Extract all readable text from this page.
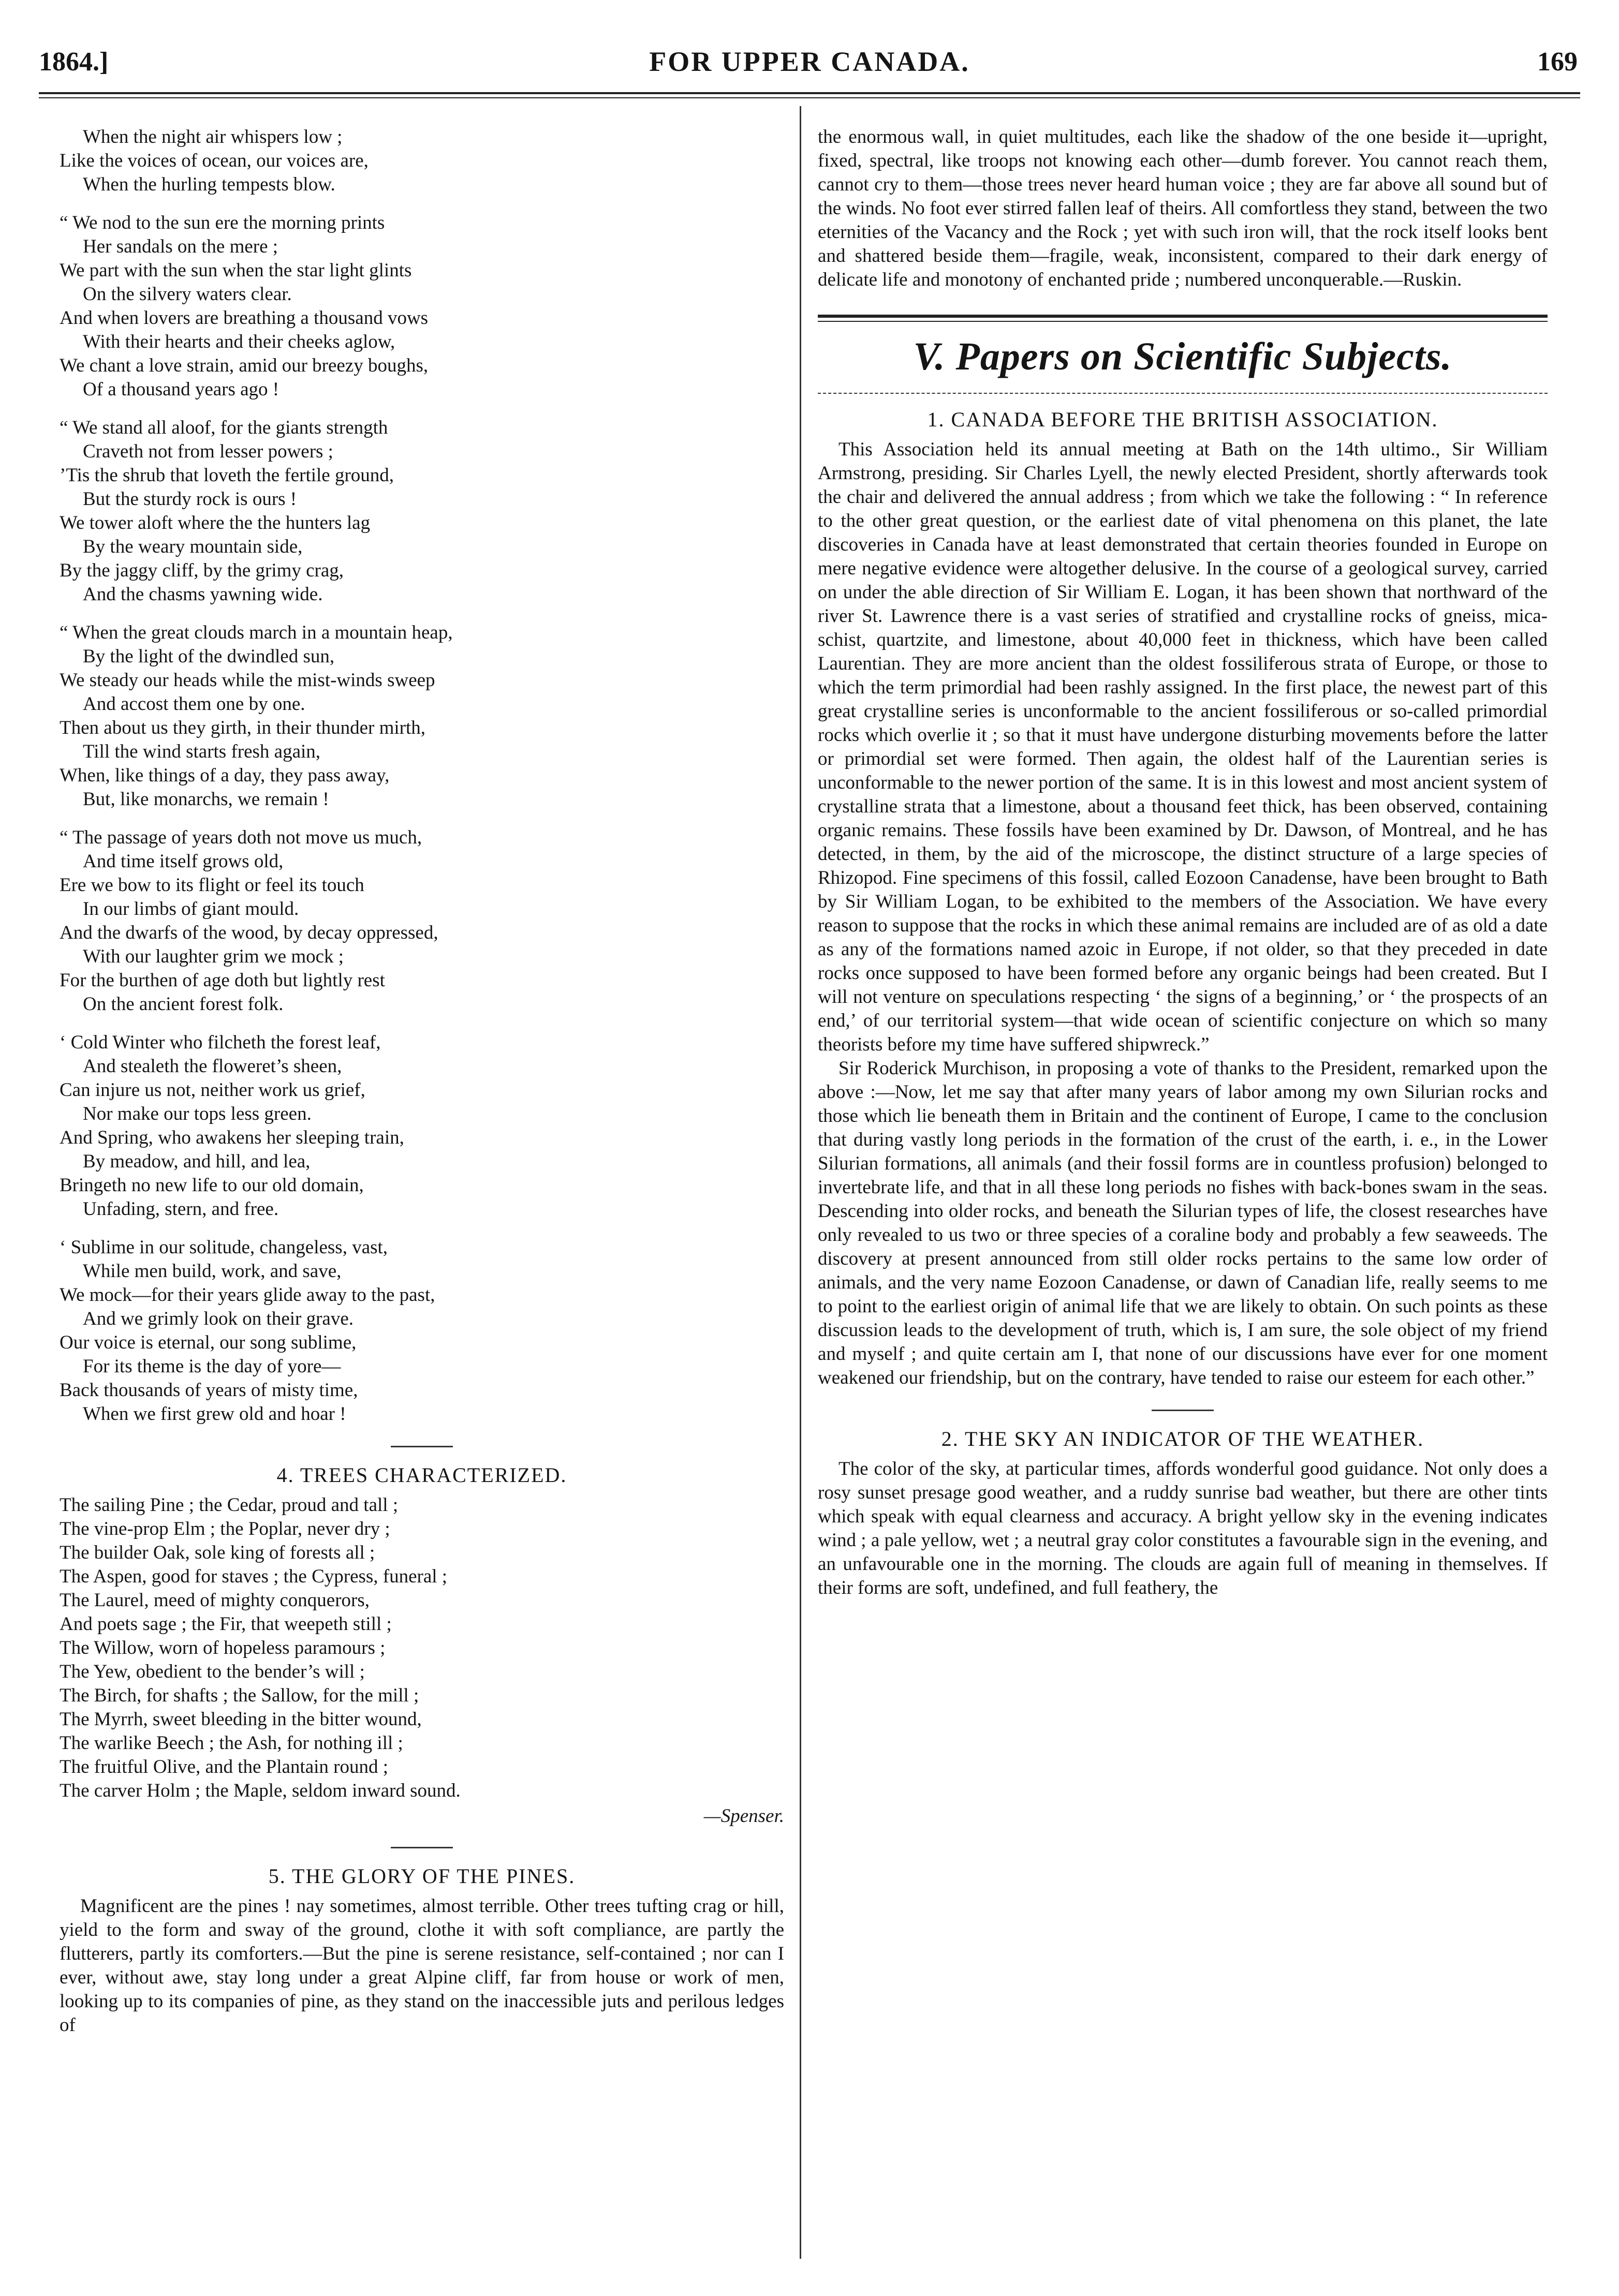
1864.]	FOR UPPER CANADA.	169
When the night air whispers low ;
Like the voices of ocean, our voices are,
When the hurling tempests blow.
“ We nod to the sun ere the morning prints
Her sandals on the mere ;
We part with the sun when the star light glints
On the silvery waters clear.
And when lovers are breathing a thousand vows
With their hearts and their cheeks aglow,
We chant a love strain, amid our breezy boughs,
Of a thousand years ago !
“ We stand all aloof, for the giants strength
Craveth not from lesser powers ;
’Tis the shrub that loveth the fertile ground,
But the sturdy rock is ours !
We tower aloft where the the hunters lag
By the weary mountain side,
By the jaggy cliff, by the grimy crag,
And the chasms yawning wide.
“ When the great clouds march in a mountain heap,
By the light of the dwindled sun,
We steady our heads while the mist-winds sweep
And accost them one by one.
Then about us they girth, in their thunder mirth,
Till the wind starts fresh again,
When, like things of a day, they pass away,
But, like monarchs, we remain !
“ The passage of years doth not move us much,
And time itself grows old,
Ere we bow to its flight or feel its touch
In our limbs of giant mould.
And the dwarfs of the wood, by decay oppressed,
With our laughter grim we mock ;
For the burthen of age doth but lightly rest
On the ancient forest folk.
‘ Cold Winter who filcheth the forest leaf,
And stealeth the floweret’s sheen,
Can injure us not, neither work us grief,
Nor make our tops less green.
And Spring, who awakens her sleeping train,
By meadow, and hill, and lea,
Bringeth no new life to our old domain,
Unfading, stern, and free.
‘ Sublime in our solitude, changeless, vast,
While men build, work, and save,
We mock—for their years glide away to the past,
And we grimly look on their grave.
Our voice is eternal, our song sublime,
For its theme is the day of yore—
Back thousands of years of misty time,
When we first grew old and hoar !
4. TREES CHARACTERIZED.
The sailing Pine ; the Cedar, proud and tall ;
The vine-prop Elm ; the Poplar, never dry ;
The builder Oak, sole king of forests all ;
The Aspen, good for staves ; the Cypress, funeral ;
The Laurel, meed of mighty conquerors,
And poets sage ; the Fir, that weepeth still ;
The Willow, worn of hopeless paramours ;
The Yew, obedient to the bender’s will ;
The Birch, for shafts ; the Sallow, for the mill ;
The Myrrh, sweet bleeding in the bitter wound,
The warlike Beech ; the Ash, for nothing ill ;
The fruitful Olive, and the Plantain round ;
The carver Holm ; the Maple, seldom inward sound.
—Spenser.
5. THE GLORY OF THE PINES.

Magnificent are the pines ! nay sometimes, almost terrible. Other trees tufting crag or hill, yield to the form and sway of the ground, clothe it with soft compliance, are partly the flutterers, partly its comforters.—But the pine is serene resistance, self-contained ; nor can I ever, without awe, stay long under a great Alpine cliff, far from house or work of men, looking up to its companies of pine, as they stand on the inaccessible juts and perilous ledges of

the enormous wall, in quiet multitudes, each like the shadow of the one beside it—upright, fixed, spectral, like troops not knowing each other—dumb forever. You cannot reach them, cannot cry to them—those trees never heard human voice ; they are far above all sound but of the winds. No foot ever stirred fallen leaf of theirs. All comfortless they stand, between the two eternities of the Vacancy and the Rock ; yet with such iron will, that the rock itself looks bent and shattered beside them—fragile, weak, inconsistent, compared to their dark energy of delicate life and monotony of enchanted pride ; numbered unconquerable.—Ruskin.

V. Papers on Scientific Subjects.
1. CANADA BEFORE THE BRITISH ASSOCIATION.

This Association held its annual meeting at Bath on the 14th ultimo., Sir William Armstrong, presiding. Sir Charles Lyell, the newly elected President, shortly afterwards took the chair and delivered the annual address ; from which we take the following : “ In reference to the other great question, or the earliest date of vital phenomena on this planet, the late discoveries in Canada have at least demonstrated that certain theories founded in Europe on mere negative evidence were altogether delusive. In the course of a geological survey, carried on under the able direction of Sir William E. Logan, it has been shown that northward of the river St. Lawrence there is a vast series of stratified and crystalline rocks of gneiss, mica-schist, quartzite, and limestone, about 40,000 feet in thickness, which have been called Laurentian. They are more ancient than the oldest fossiliferous strata of Europe, or those to which the term primordial had been rashly assigned. In the first place, the newest part of this great crystalline series is unconformable to the ancient fossiliferous or so-called primordial rocks which overlie it ; so that it must have undergone disturbing movements before the latter or primordial set were formed. Then again, the oldest half of the Laurentian series is unconformable to the newer portion of the same. It is in this lowest and most ancient system of crystalline strata that a limestone, about a thousand feet thick, has been observed, containing organic remains. These fossils have been examined by Dr. Dawson, of Montreal, and he has detected, in them, by the aid of the microscope, the distinct structure of a large species of Rhizopod. Fine specimens of this fossil, called Eozoon Canadense, have been brought to Bath by Sir William Logan, to be exhibited to the members of the Association. We have every reason to suppose that the rocks in which these animal remains are included are of as old a date as any of the formations named azoic in Europe, if not older, so that they preceded in date rocks once supposed to have been formed before any organic beings had been created. But I will not venture on speculations respecting ‘ the signs of a beginning,’ or ‘ the prospects of an end,’ of our territorial system—that wide ocean of scientific conjecture on which so many theorists before my time have suffered shipwreck.”

Sir Roderick Murchison, in proposing a vote of thanks to the President, remarked upon the above :—Now, let me say that after many years of labor among my own Silurian rocks and those which lie beneath them in Britain and the continent of Europe, I came to the conclusion that during vastly long periods in the formation of the crust of the earth, i. e., in the Lower Silurian formations, all animals (and their fossil forms are in countless profusion) belonged to invertebrate life, and that in all these long periods no fishes with back-bones swam in the seas. Descending into older rocks, and beneath the Silurian types of life, the closest researches have only revealed to us two or three species of a coraline body and probably a few seaweeds. The discovery at present announced from still older rocks pertains to the same low order of animals, and the very name Eozoon Canadense, or dawn of Canadian life, really seems to me to point to the earliest origin of animal life that we are likely to obtain. On such points as these discussion leads to the development of truth, which is, I am sure, the sole object of my friend and myself ; and quite certain am I, that none of our discussions have ever for one moment weakened our friendship, but on the contrary, have tended to raise our esteem for each other.”

2. THE SKY AN INDICATOR OF THE WEATHER.

The color of the sky, at particular times, affords wonderful good guidance. Not only does a rosy sunset presage good weather, and a ruddy sunrise bad weather, but there are other tints which speak with equal clearness and accuracy. A bright yellow sky in the evening indicates wind ; a pale yellow, wet ; a neutral gray color constitutes a favourable sign in the evening, and an unfavourable one in the morning. The clouds are again full of meaning in themselves. If their forms are soft, undefined, and full feathery, the
